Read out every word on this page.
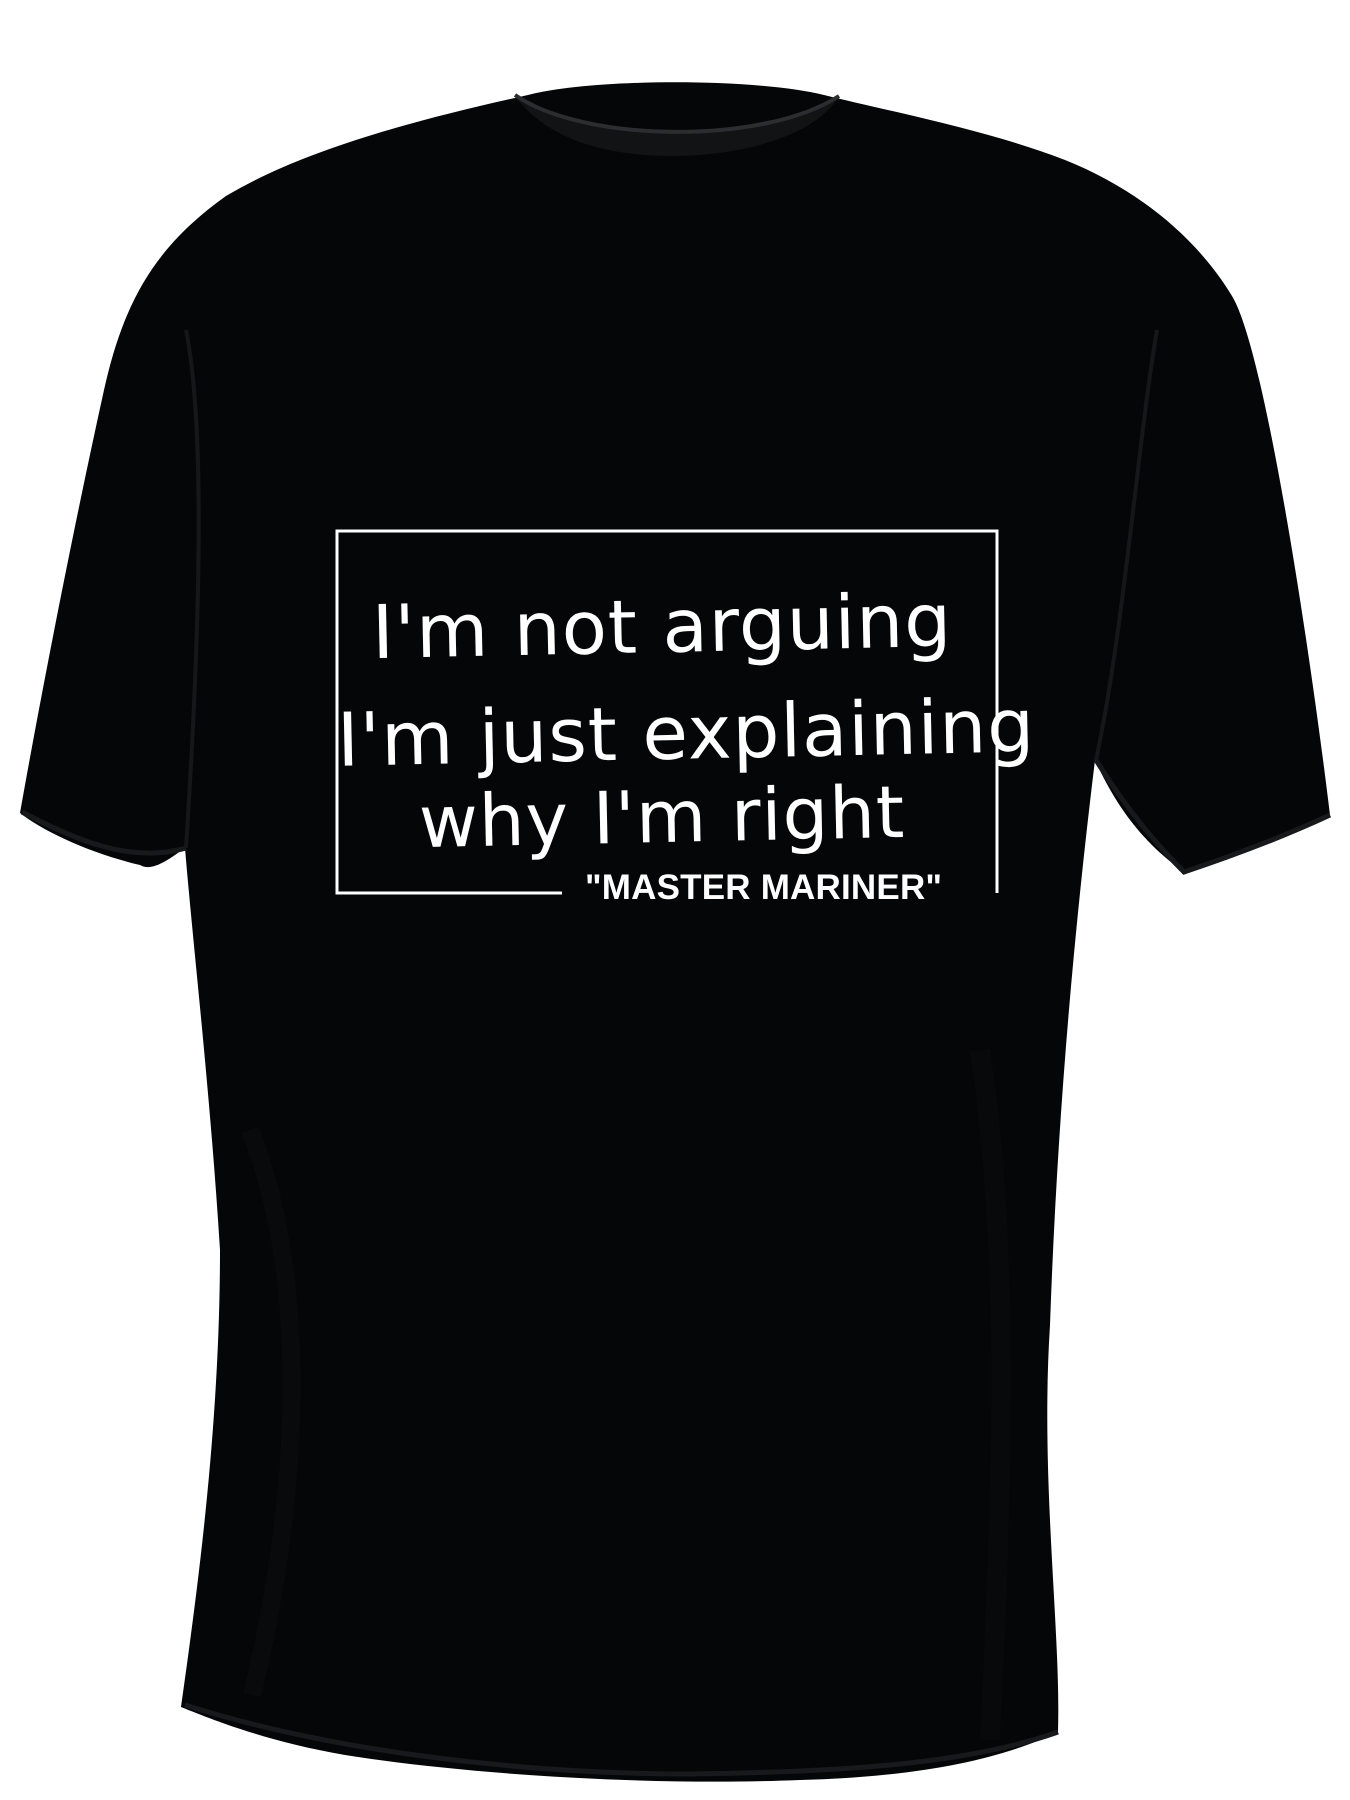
I'm not arguing
I'm just explaining
why I'm right
"MASTER MARINER"
